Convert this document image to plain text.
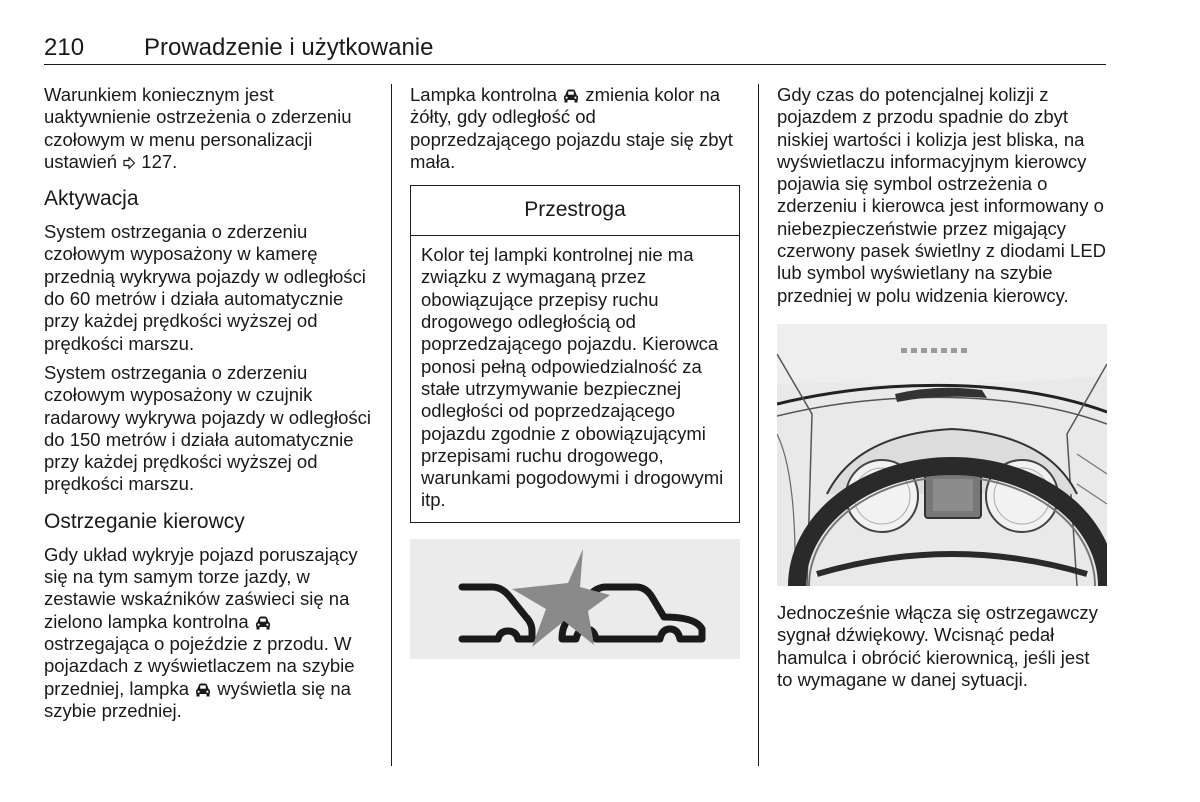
210 Prowadzenie i użytkowanie

Warunkiem koniecznym jest uaktywnienie ostrzeżenia o zderzeniu czołowym w menu personalizacji ustawień  127.

Aktywacja

System ostrzegania o zderzeniu czołowym wyposażony w kamerę przednią wykrywa pojazdy w odległości do 60 metrów i działa automatycznie przy każdej prędkości wyższej od prędkości marszu.

System ostrzegania o zderzeniu czołowym wyposażony w czujnik radarowy wykrywa pojazdy w odległości do 150 metrów i działa automatycznie przy każdej prędkości wyższej od prędkości marszu.

Ostrzeganie kierowcy

Gdy układ wykryje pojazd poruszający się na tym samym torze jazdy, w zestawie wskaźników zaświeci się na zielono lampka kontrolna  ostrzegająca o pojeździe z przodu. W pojazdach z wyświetlaczem na szybie przedniej, lampka  wyświetla się na szybie przedniej.

Lampka kontrolna  zmienia kolor na żółty, gdy odległość od poprzedzającego pojazdu staje się zbyt mała.

Przestroga

Kolor tej lampki kontrolnej nie ma związku z wymaganą przez obowiązujące przepisy ruchu drogowego odległością od poprzedzającego pojazdu. Kierowca ponosi pełną odpowiedzialność za stałe utrzymywanie bezpiecznej odległości od poprzedzającego pojazdu zgodnie z obowiązującymi przepisami ruchu drogowego, warunkami pogodowymi i drogowymi itp.

Gdy czas do potencjalnej kolizji z pojazdem z przodu spadnie do zbyt niskiej wartości i kolizja jest bliska, na wyświetlaczu informacyjnym kierowcy pojawia się symbol ostrzeżenia o zderzeniu i kierowca jest informowany o niebezpieczeństwie przez migający czerwony pasek świetlny z diodami LED lub symbol wyświetlany na szybie przedniej w polu widzenia kierowcy.

Jednocześnie włącza się ostrzegawczy sygnał dźwiękowy. Wcisnąć pedał hamulca i obrócić kierownicą, jeśli jest to wymagane w danej sytuacji.
